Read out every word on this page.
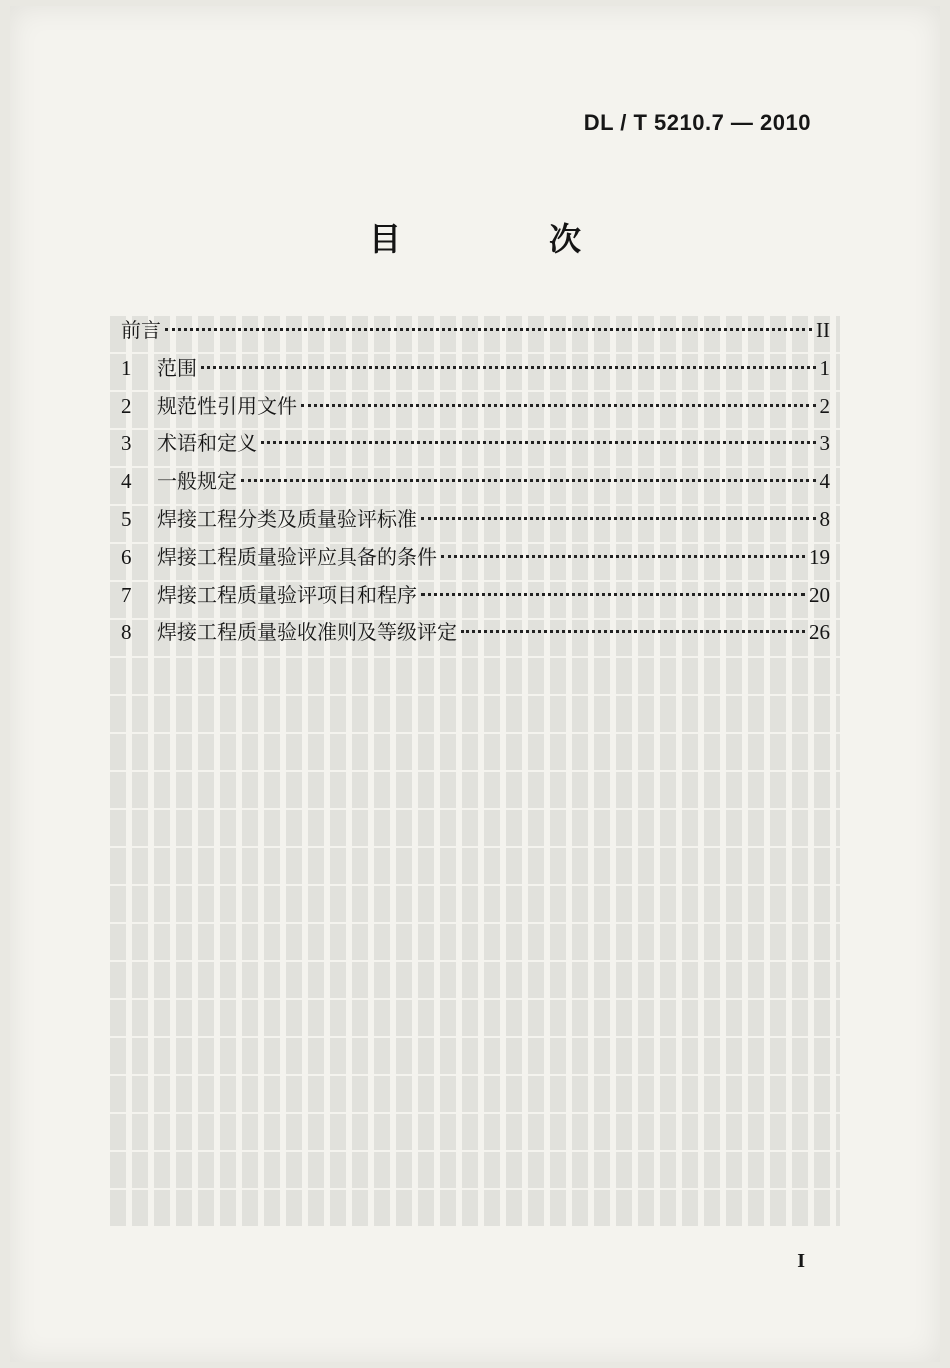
DL / T 5210.7 — 2010
目　次
前言	II
1	范围	1
2	规范性引用文件	2
3	术语和定义	3
4	一般规定	4
5	焊接工程分类及质量验评标准	8
6	焊接工程质量验评应具备的条件	19
7	焊接工程质量验评项目和程序	20
8	焊接工程质量验收准则及等级评定	26
I
